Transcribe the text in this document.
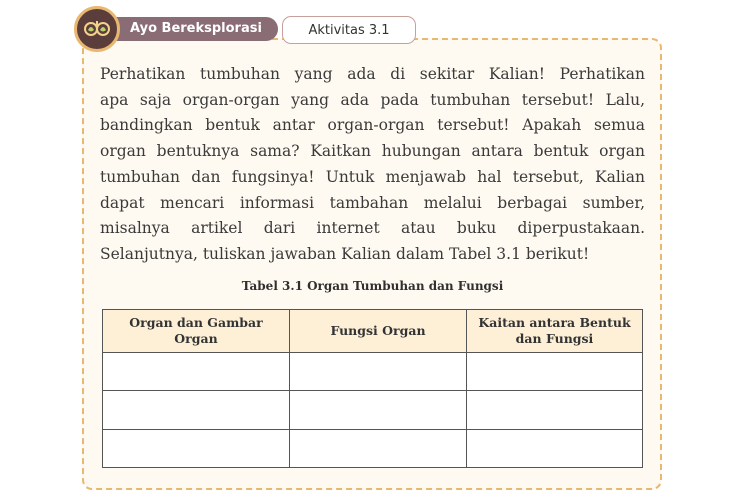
Ayo Bereksplorasi	Aktivitas 3.1
Perhatikan tumbuhan yang ada di sekitar Kalian! Perhatikan
apa saja organ-organ yang ada pada tumbuhan tersebut! Lalu,
bandingkan bentuk antar organ-organ tersebut! Apakah semua
organ bentuknya sama? Kaitkan hubungan antara bentuk organ
tumbuhan dan fungsinya! Untuk menjawab hal tersebut, Kalian
dapat mencari informasi tambahan melalui berbagai sumber,
misalnya artikel dari internet atau buku diperpustakaan.
Selanjutnya, tuliskan jawaban Kalian dalam Tabel 3.1 berikut!
Tabel 3.1 Organ Tumbuhan dan Fungsi
Organ dan Gambar Organ	Fungsi Organ	Kaitan antara Bentuk dan Fungsi
